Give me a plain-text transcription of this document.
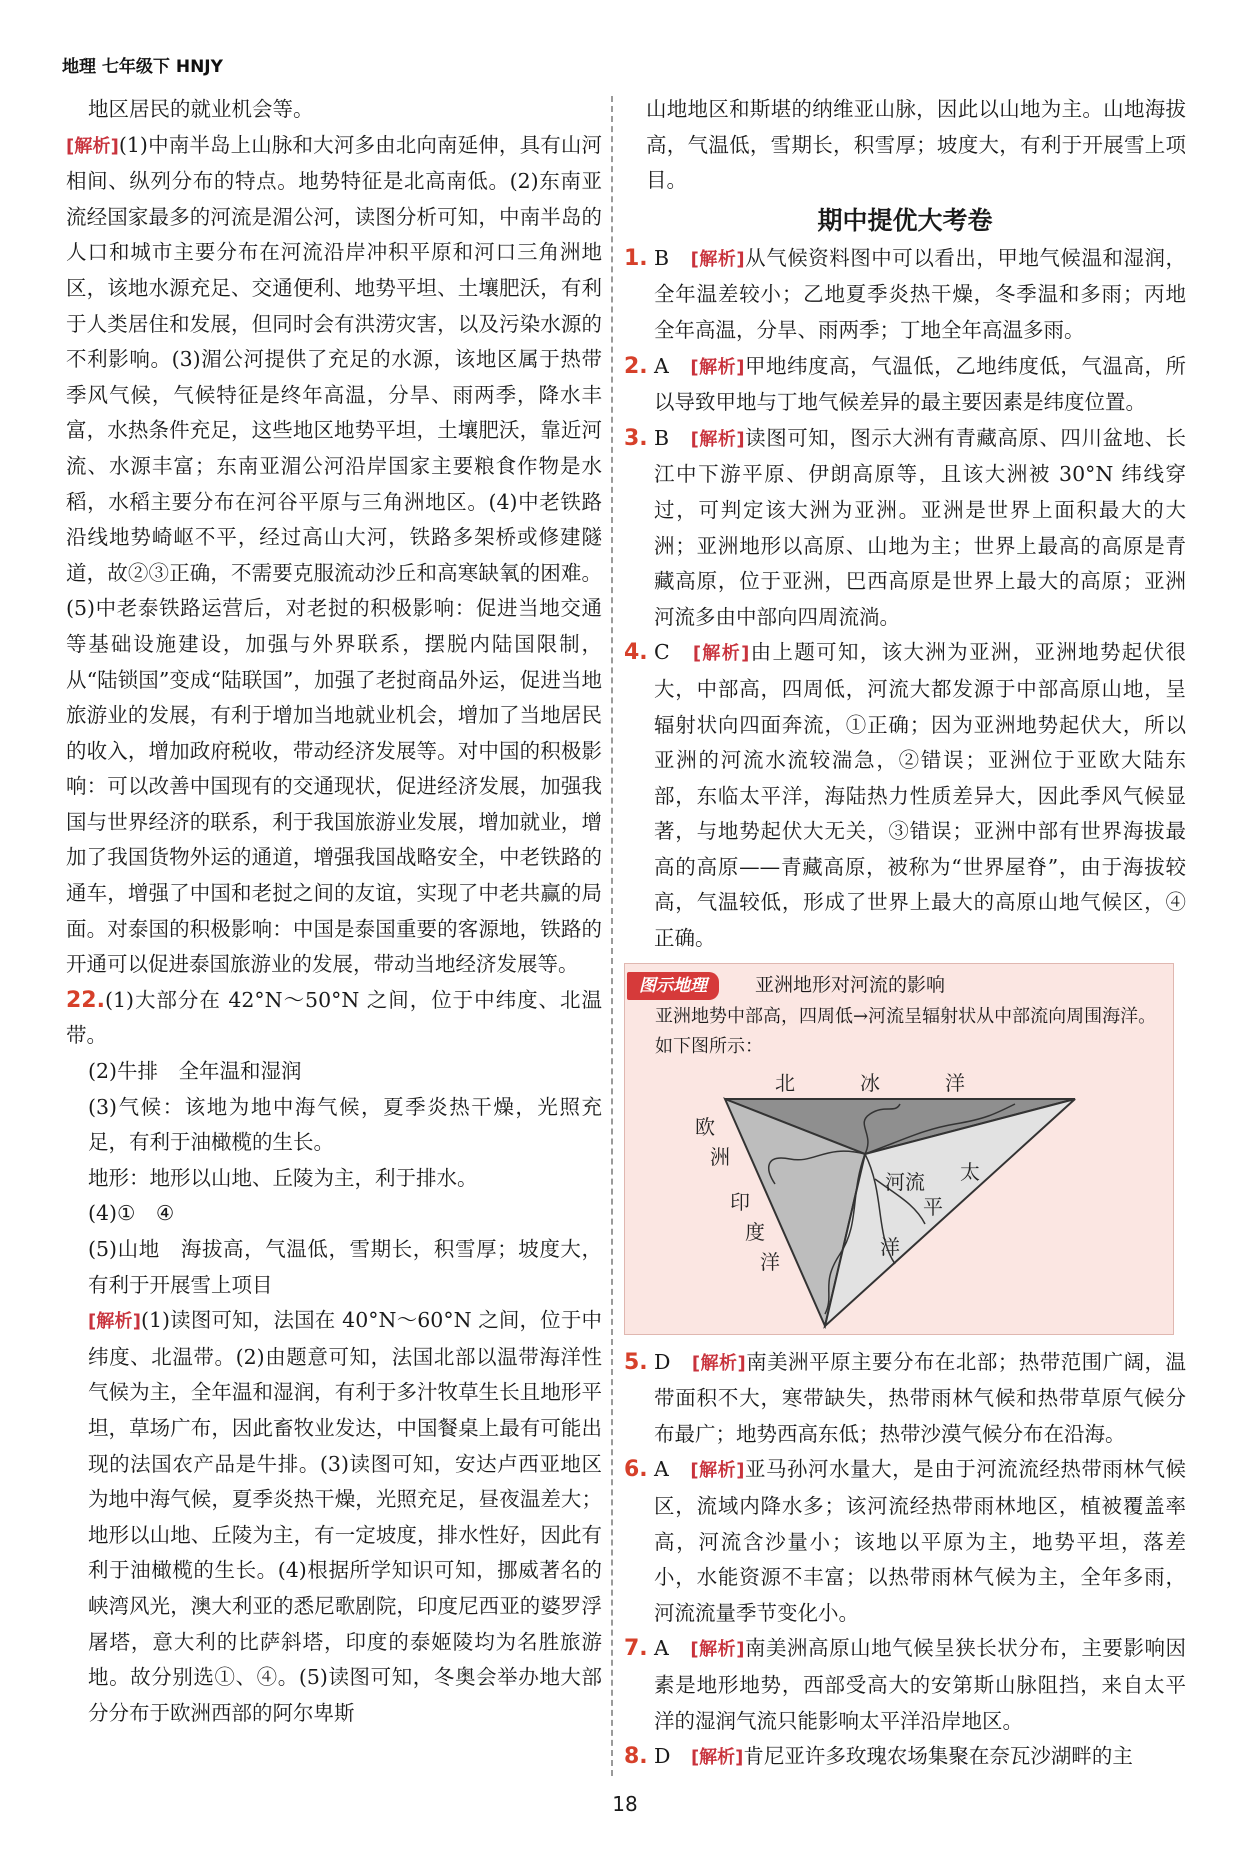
地理 七年级下 HNJY

地区居民的就业机会等。

[解析](1)中南半岛上山脉和大河多由北向南延伸，具有山河相间、纵列分布的特点。地势特征是北高南低。(2)东南亚流经国家最多的河流是湄公河，读图分析可知，中南半岛的人口和城市主要分布在河流沿岸冲积平原和河口三角洲地区，该地水源充足、交通便利、地势平坦、土壤肥沃，有利于人类居住和发展，但同时会有洪涝灾害，以及污染水源的不利影响。(3)湄公河提供了充足的水源，该地区属于热带季风气候，气候特征是终年高温，分旱、雨两季，降水丰富，水热条件充足，这些地区地势平坦，土壤肥沃，靠近河流、水源丰富；东南亚湄公河沿岸国家主要粮食作物是水稻，水稻主要分布在河谷平原与三角洲地区。(4)中老铁路沿线地势崎岖不平，经过高山大河，铁路多架桥或修建隧道，故②③正确，不需要克服流动沙丘和高寒缺氧的困难。(5)中老泰铁路运营后，对老挝的积极影响：促进当地交通等基础设施建设，加强与外界联系，摆脱内陆国限制，从“陆锁国”变成“陆联国”，加强了老挝商品外运，促进当地旅游业的发展，有利于增加当地就业机会，增加了当地居民的收入，增加政府税收，带动经济发展等。对中国的积极影响：可以改善中国现有的交通现状，促进经济发展，加强我国与世界经济的联系，利于我国旅游业发展，增加就业，增加了我国货物外运的通道，增强我国战略安全，中老铁路的通车，增强了中国和老挝之间的友谊，实现了中老共赢的局面。对泰国的积极影响：中国是泰国重要的客源地，铁路的开通可以促进泰国旅游业的发展，带动当地经济发展等。

22.(1)大部分在 42°N～50°N 之间，位于中纬度、北温带。

(2)牛排　全年温和湿润

(3)气候：该地为地中海气候，夏季炎热干燥，光照充足，有利于油橄榄的生长。

地形：地形以山地、丘陵为主，利于排水。

(4)①　④

(5)山地　海拔高，气温低，雪期长，积雪厚；坡度大，有利于开展雪上项目

[解析](1)读图可知，法国在 40°N～60°N 之间，位于中纬度、北温带。(2)由题意可知，法国北部以温带海洋性气候为主，全年温和湿润，有利于多汁牧草生长且地形平坦，草场广布，因此畜牧业发达，中国餐桌上最有可能出现的法国农产品是牛排。(3)读图可知，安达卢西亚地区为地中海气候，夏季炎热干燥，光照充足，昼夜温差大；地形以山地、丘陵为主，有一定坡度，排水性好，因此有利于油橄榄的生长。(4)根据所学知识可知，挪威著名的峡湾风光，澳大利亚的悉尼歌剧院，印度尼西亚的婆罗浮屠塔，意大利的比萨斜塔，印度的泰姬陵均为名胜旅游地。故分别选①、④。(5)读图可知，冬奥会举办地大部分分布于欧洲西部的阿尔卑斯

山地地区和斯堪的纳维亚山脉，因此以山地为主。山地海拔高，气温低，雪期长，积雪厚；坡度大，有利于开展雪上项目。

期中提优大考卷
1. B　 [解析]从气候资料图中可以看出，甲地气候温和湿润，全年温差较小；乙地夏季炎热干燥，冬季温和多雨；丙地全年高温，分旱、雨两季；丁地全年高温多雨。

2. A　 [解析]甲地纬度高，气温低，乙地纬度低，气温高，所以导致甲地与丁地气候差异的最主要因素是纬度位置。

3. B　 [解析]读图可知，图示大洲有青藏高原、四川盆地、长江中下游平原、伊朗高原等，且该大洲被 30°N 纬线穿过，可判定该大洲为亚洲。亚洲是世界上面积最大的大洲；亚洲地形以高原、山地为主；世界上最高的高原是青藏高原，位于亚洲，巴西高原是世界上最大的高原；亚洲河流多由中部向四周流淌。

4. C　 [解析]由上题可知，该大洲为亚洲，亚洲地势起伏很大，中部高，四周低，河流大都发源于中部高原山地，呈辐射状向四面奔流，①正确；因为亚洲地势起伏大，所以亚洲的河流水流较湍急，②错误；亚洲位于亚欧大陆东部，东临太平洋，海陆热力性质差异大，因此季风气候显著，与地势起伏大无关，③错误；亚洲中部有世界海拔最高的高原——青藏高原，被称为“世界屋脊”，由于海拔较高，气温较低，形成了世界上最大的高原山地气候区，④正确。

北	冰	洋
欧
洲
印
度
洋
河流 太
平
洋
图示地理	亚洲地形对河流的影响
亚洲地势中部高，四周低→河流呈辐射状从中部流向周围海洋。如下图所示：
5. D　 [解析]南美洲平原主要分布在北部；热带范围广阔，温带面积不大，寒带缺失，热带雨林气候和热带草原气候分布最广；地势西高东低；热带沙漠气候分布在沿海。

6. A　 [解析]亚马孙河水量大，是由于河流流经热带雨林气候区，流域内降水多；该河流经热带雨林地区，植被覆盖率高，河流含沙量小；该地以平原为主，地势平坦，落差小，水能资源不丰富；以热带雨林气候为主，全年多雨，河流流量季节变化小。

7. A　 [解析]南美洲高原山地气候呈狭长状分布，主要影响因素是地形地势，西部受高大的安第斯山脉阻挡，来自太平洋的湿润气流只能影响太平洋沿岸地区。

8. D　 [解析]肯尼亚许多玫瑰农场集聚在奈瓦沙湖畔的主

18
